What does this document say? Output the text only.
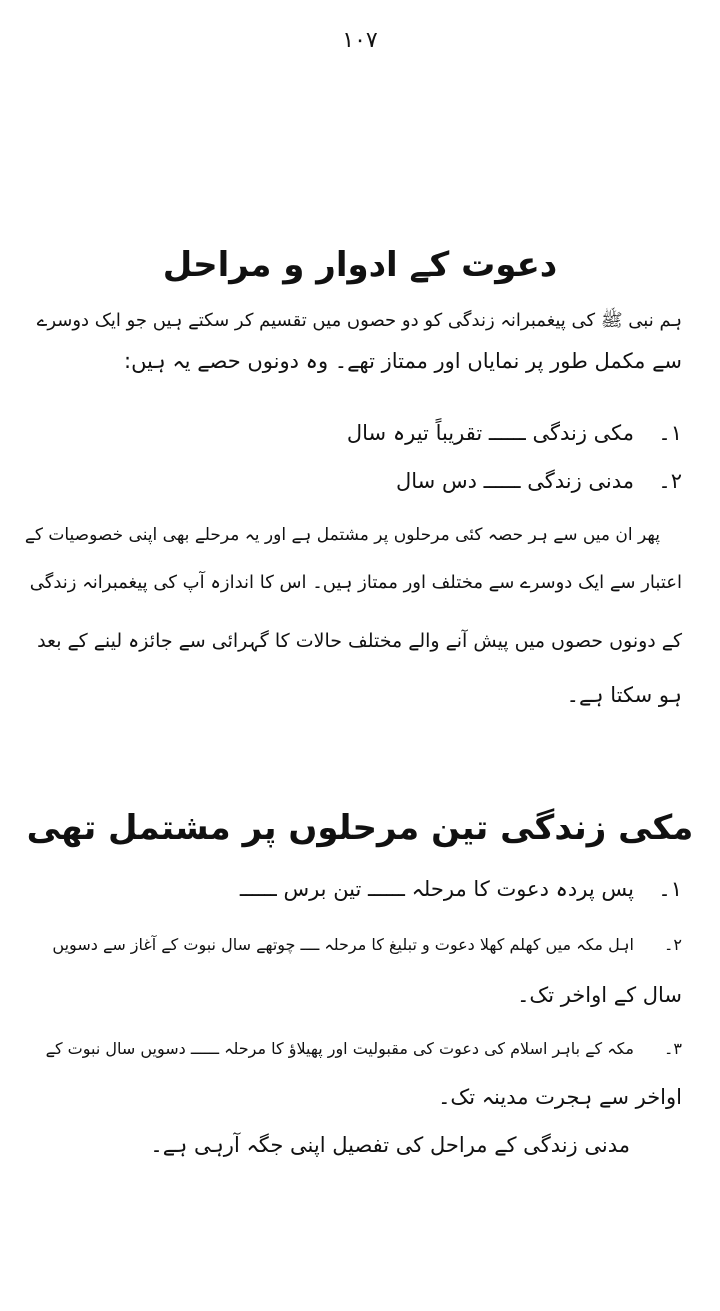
۱۰۷
دعوت کے ادوار و مراحل
ہم نبی ﷺ کی پیغمبرانہ زندگی کو دو حصوں میں تقسیم کر سکتے ہیں جو ایک دوسرے
سے مکمل طور پر نمایاں اور ممتاز تھے۔ وہ دونوں حصے یہ ہیں:
۱۔مکی زندگی ــــــ تقریباً تیرہ سال
۲۔مدنی زندگی ــــــ دس سال
پھر ان میں سے ہر حصہ کئی مرحلوں پر مشتمل ہے اور یہ مرحلے بھی اپنی خصوصیات کے
اعتبار سے ایک دوسرے سے مختلف اور ممتاز ہیں۔ اس کا اندازہ آپ کی پیغمبرانہ زندگی
کے دونوں حصوں میں پیش آنے والے مختلف حالات کا گہرائی سے جائزہ لینے کے بعد
ہو سکتا ہے۔
مکی زندگی تین مرحلوں پر مشتمل تھی
۱۔پس پردہ دعوت کا مرحلہ ــــــ تین برس ــــــ
۲۔اہل مکہ میں کھلم کھلا دعوت و تبلیغ کا مرحلہ ــــ چوتھے سال نبوت کے آغاز سے دسویں
سال کے اواخر تک۔
۳۔مکہ کے باہر اسلام کی دعوت کی مقبولیت اور پھیلاؤ کا مرحلہ ــــــ دسویں سال نبوت کے
اواخر سے ہجرت مدینہ تک۔
مدنی زندگی کے مراحل کی تفصیل اپنی جگہ آرہی ہے۔
